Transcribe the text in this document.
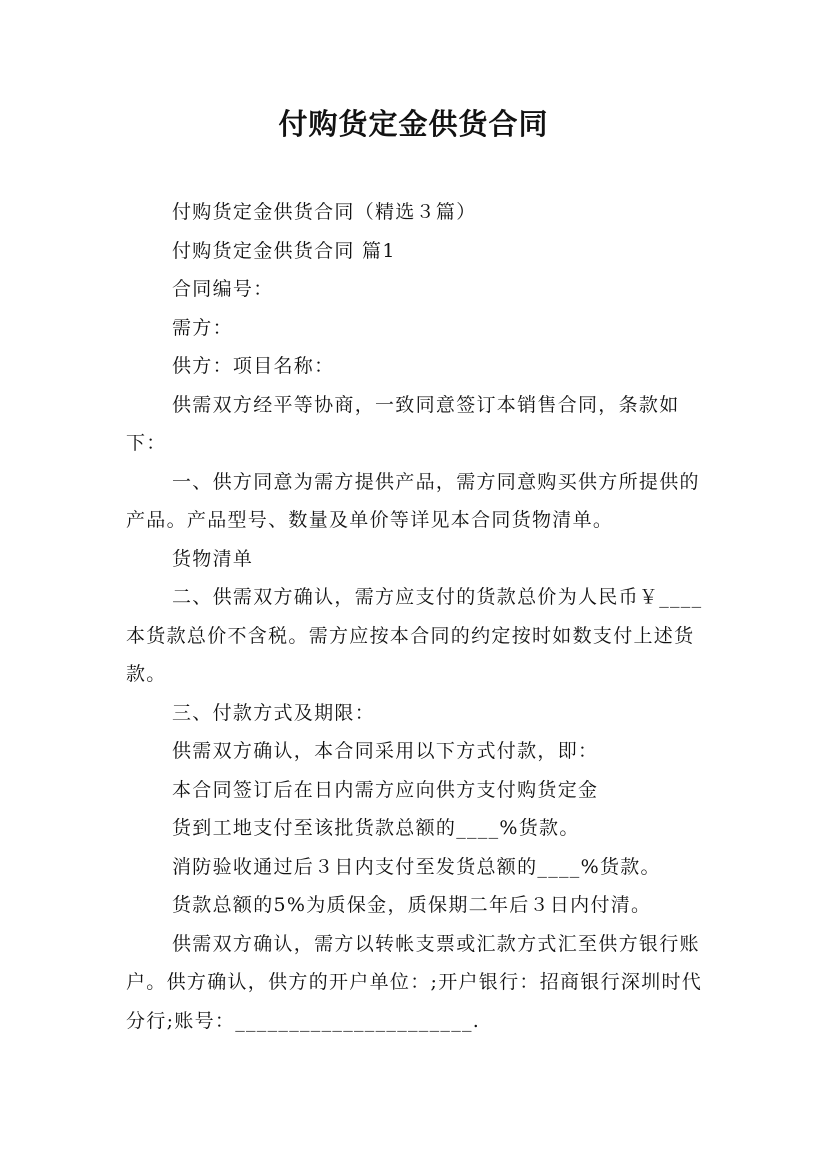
付购货定金供货合同

付购货定金供货合同（精选３篇）

付购货定金供货合同 篇1

合同编号：

需方：

供方：项目名称：

供需双方经平等协商，一致同意签订本销售合同，条款如下：

一、供方同意为需方提供产品，需方同意购买供方所提供的产品。产品型号、数量及单价等详见本合同货物清单。

货物清单

二、供需双方确认，需方应支付的货款总价为人民币￥____本货款总价不含税。需方应按本合同的约定按时如数支付上述货款。

三、付款方式及期限：

供需双方确认，本合同采用以下方式付款，即：

本合同签订后在日内需方应向供方支付购货定金

货到工地支付至该批货款总额的____%货款。

消防验收通过后３日内支付至发货总额的____%货款。

货款总额的5%为质保金，质保期二年后３日内付清。

供需双方确认，需方以转帐支票或汇款方式汇至供方银行账户。供方确认，供方的开户单位：;开户银行：招商银行深圳时代分行;账号：______________________.
